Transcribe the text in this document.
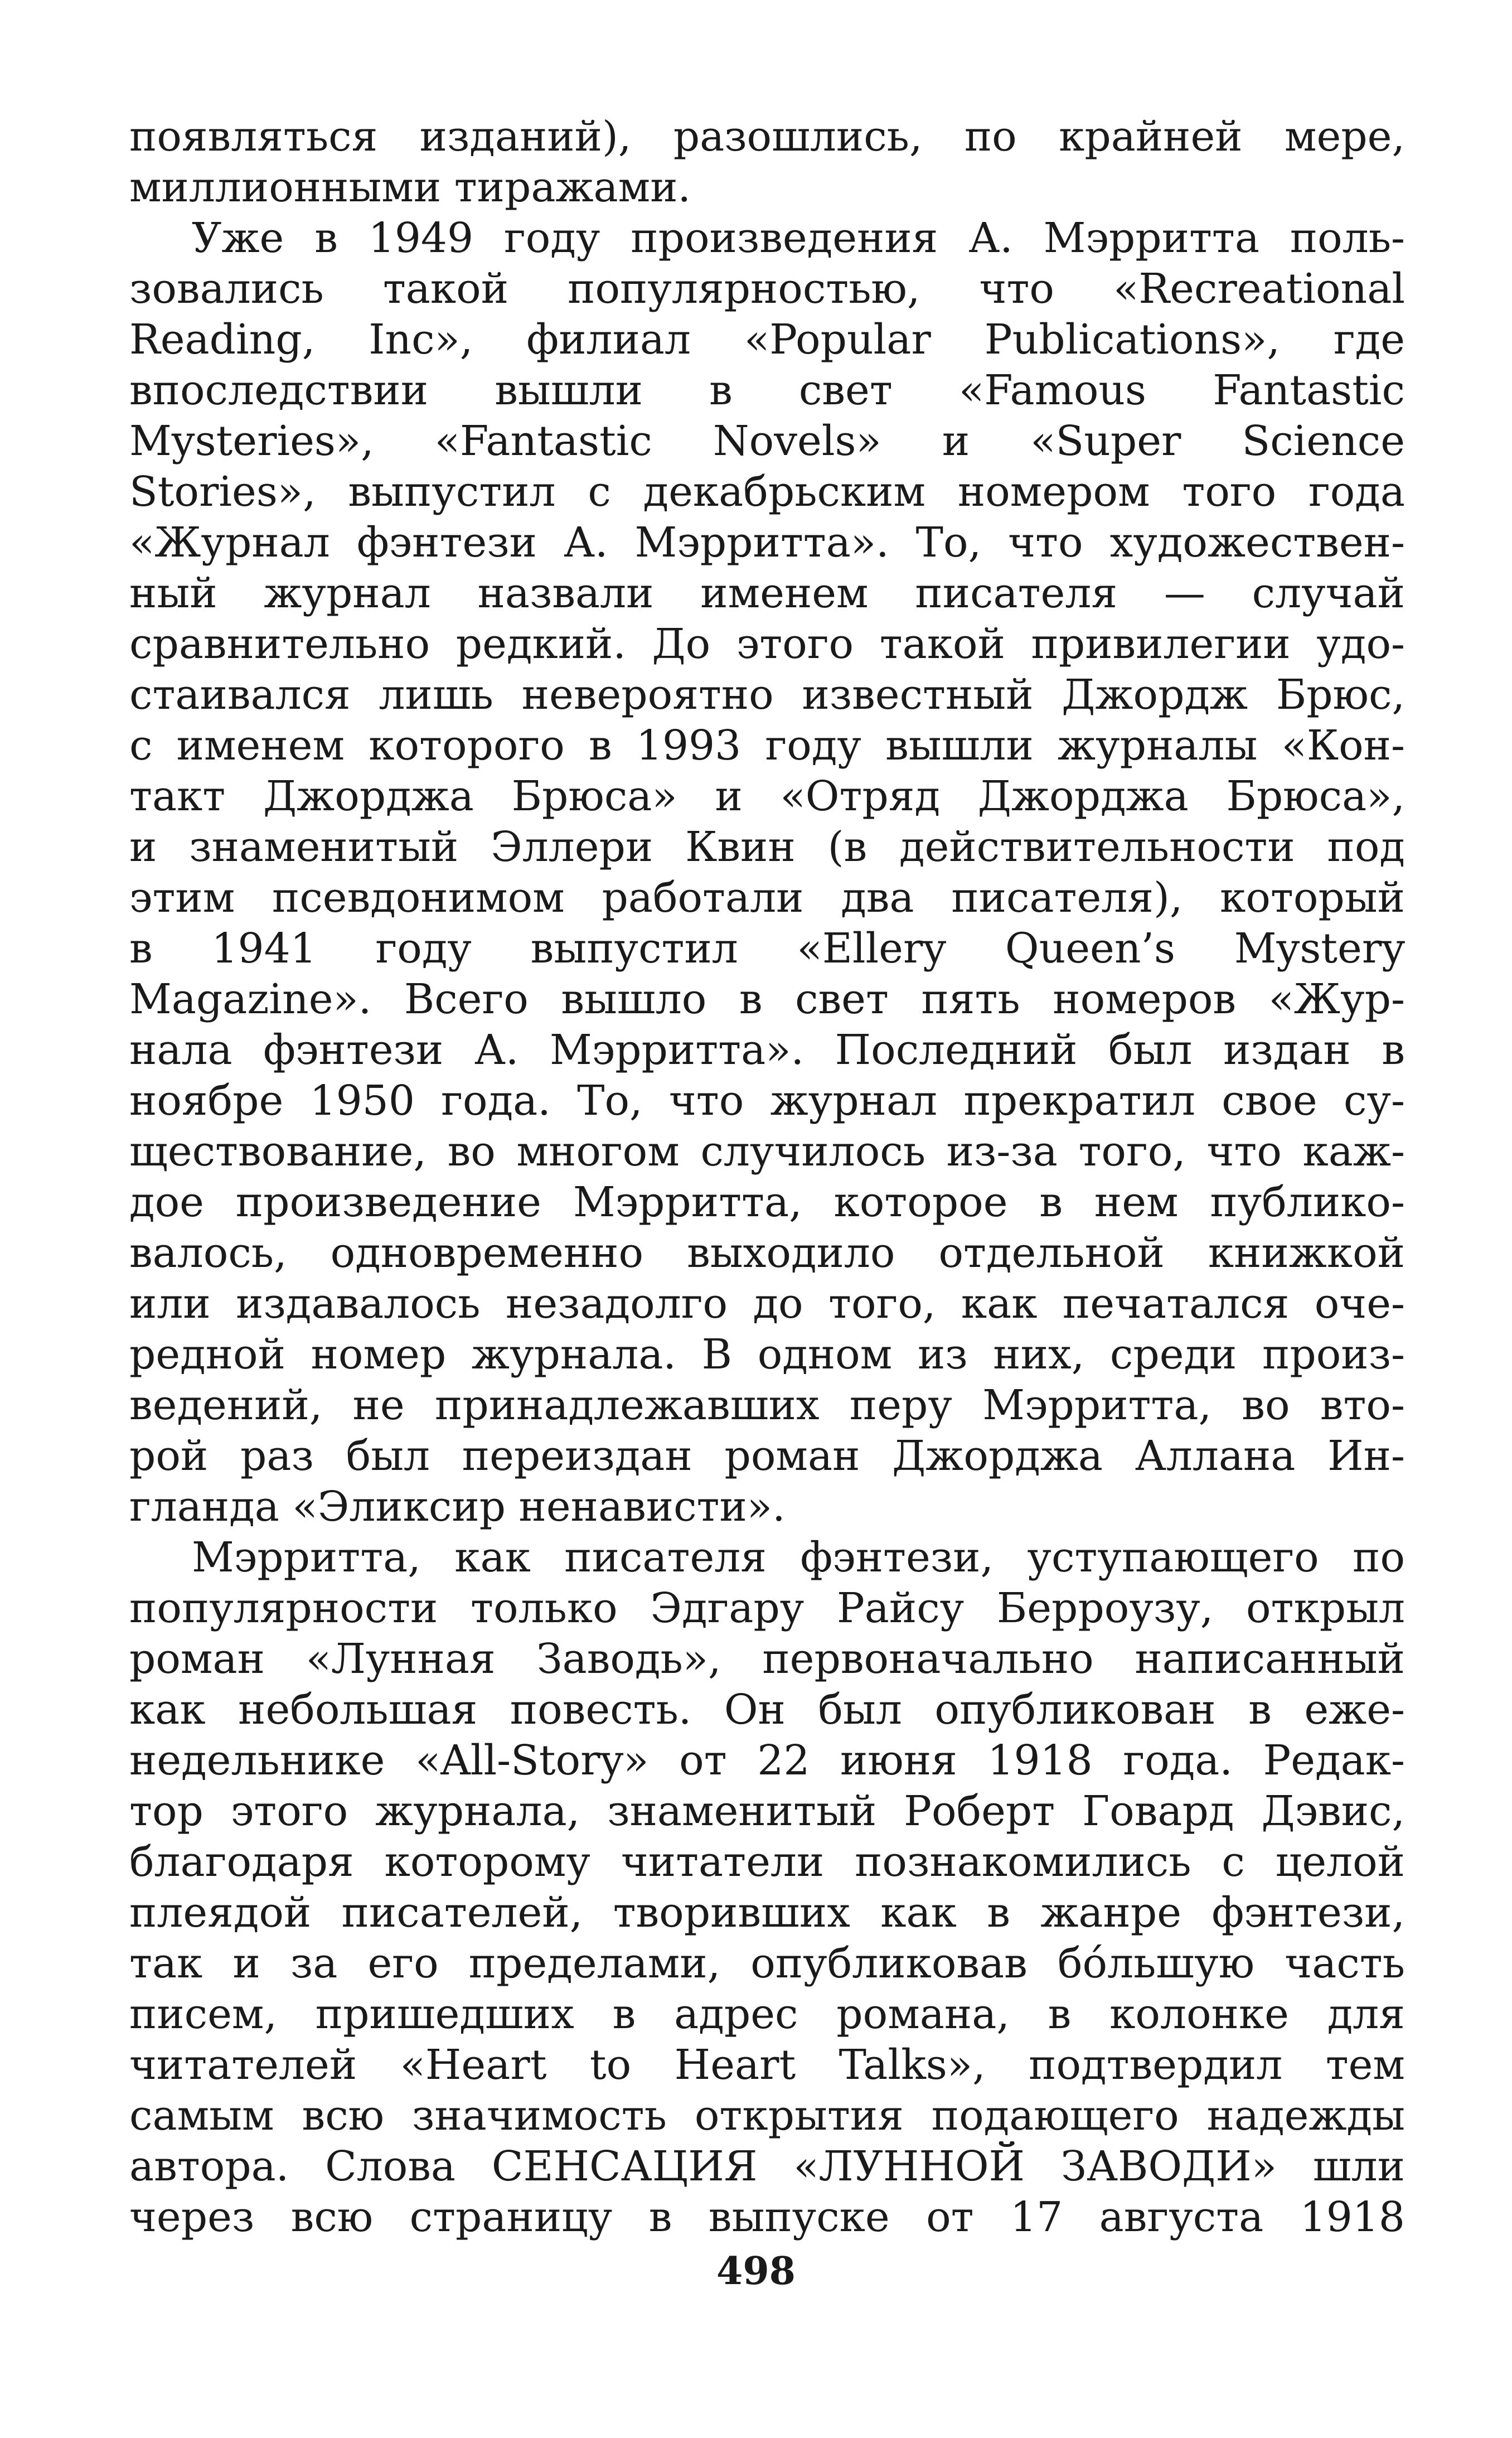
появляться изданий), разошлись, по крайней мере,
миллионными тиражами.
Уже в 1949 году произведения А. Мэрритта поль-
зовались такой популярностью, что «Recreational
Reading, Inc», филиал «Popular Publications», где
впоследствии вышли в свет «Famous Fantastic
Mysteries», «Fantastic Novels» и «Super Science
Stories», выпустил с декабрьским номером того года
«Журнал фэнтези А. Мэрритта». То, что художествен-
ный журнал назвали именем писателя — случай
сравнительно редкий. До этого такой привилегии удо-
стаивался лишь невероятно известный Джордж Брюс,
с именем которого в 1993 году вышли журналы «Кон-
такт Джорджа Брюса» и «Отряд Джорджа Брюса»,
и знаменитый Эллери Квин (в действительности под
этим псевдонимом работали два писателя), который
в 1941 году выпустил «Ellery Queen’s Mystery
Magazine». Всего вышло в свет пять номеров «Жур-
нала фэнтези А. Мэрритта». Последний был издан в
ноябре 1950 года. То, что журнал прекратил свое су-
ществование, во многом случилось из-за того, что каж-
дое произведение Мэрритта, которое в нем публико-
валось, одновременно выходило отдельной книжкой
или издавалось незадолго до того, как печатался оче-
редной номер журнала. В одном из них, среди произ-
ведений, не принадлежавших перу Мэрритта, во вто-
рой раз был переиздан роман Джорджа Аллана Ин-
гланда «Эликсир ненависти».
Мэрритта, как писателя фэнтези, уступающего по
популярности только Эдгару Райсу Берроузу, открыл
роман «Лунная Заводь», первоначально написанный
как небольшая повесть. Он был опубликован в еже-
недельнике «All-Story» от 22 июня 1918 года. Редак-
тор этого журнала, знаменитый Роберт Говард Дэвис,
благодаря которому читатели познакомились с целой
плеядой писателей, творивших как в жанре фэнтези,
так и за его пределами, опубликовав бо́льшую часть
писем, пришедших в адрес романа, в колонке для
читателей «Heart to Heart Talks», подтвердил тем
самым всю значимость открытия подающего надежды
автора. Слова СЕНСАЦИЯ «ЛУННОЙ ЗАВОДИ» шли
через всю страницу в выпуске от 17 августа 1918
498
